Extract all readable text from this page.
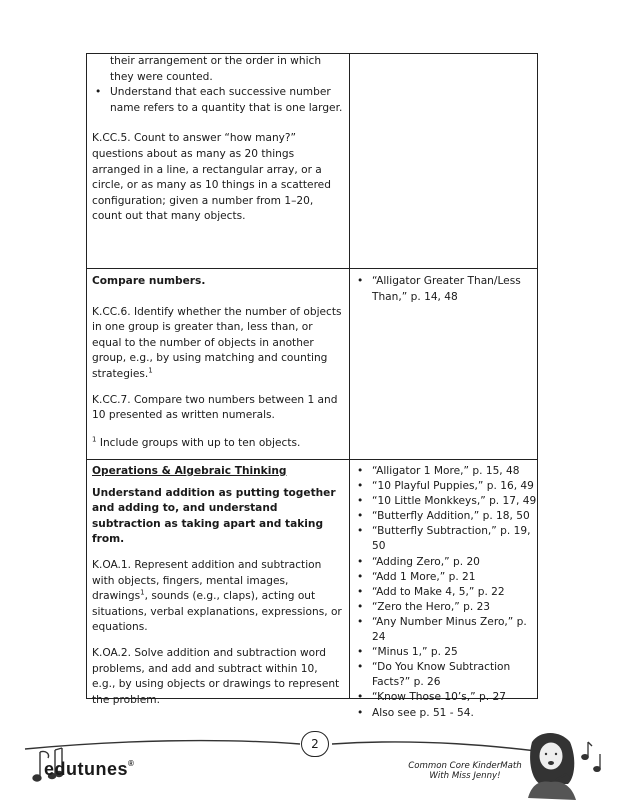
their arrangement or the order in which they were counted.

• Understand that each successive number name refers to a quantity that is one larger.

K.CC.5. Count to answer “how many?” questions about as many as 20 things arranged in a line, a rectangular array, or a circle, or as many as 10 things in a scattered configuration; given a number from 1–20, count out that many objects.

Compare numbers.

K.CC.6. Identify whether the number of objects in one group is greater than, less than, or equal to the number of objects in another group, e.g., by using matching and counting strategies.$^1$

K.CC.7. Compare two numbers between 1 and 10 presented as written numerals.

$^1$ Include groups with up to ten objects.

• “Alligator Greater Than/Less Than,” p. 14, 48

Operations & Algebraic Thinking

Understand addition as putting together and adding to, and understand subtraction as taking apart and taking from.

K.OA.1. Represent addition and subtraction with objects, fingers, mental images, drawings$^1$, sounds (e.g., claps), acting out situations, verbal explanations, expressions, or equations.

K.OA.2. Solve addition and subtraction word problems, and add and subtract within 10, e.g., by using objects or drawings to represent the problem.

• “Alligator 1 More,” p. 15, 48
• “10 Playful Puppies,” p. 16, 49
• “10 Little Monkkeys,” p. 17, 49
• “Butterfly Addition,” p. 18, 50
• “Butterfly Subtraction,” p. 19, 50
• “Adding Zero,” p. 20
• “Add 1 More,” p. 21
• “Add to Make 4, 5,” p. 22
• “Zero the Hero,” p. 23
• “Any Number Minus Zero,” p. 24
• “Minus 1,” p. 25
• “Do You Know Subtraction Facts?” p. 26
• “Know Those 10’s,” p. 27
• Also see p. 51 - 54.
2
edutunes®	Common Core KinderMath
With Miss Jenny!
